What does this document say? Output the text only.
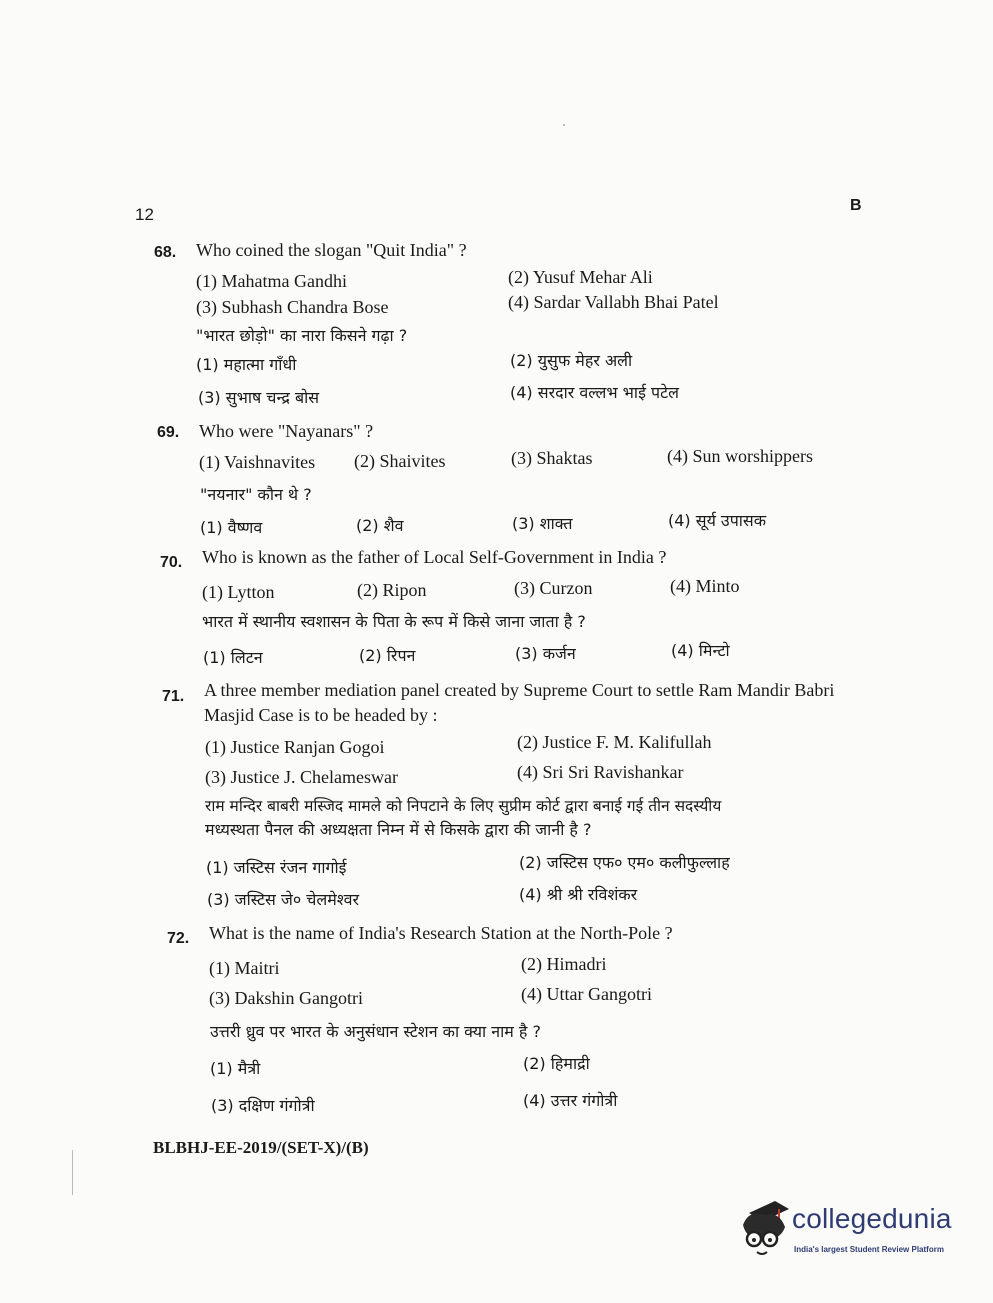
12	B
68. Who coined the slogan "Quit India" ?
(1) Mahatma Gandhi	(2) Yusuf Mehar Ali
(3) Subhash Chandra Bose	(4) Sardar Vallabh Bhai Patel
"भारत छोड़ो" का नारा किसने गढ़ा ?
(1) महात्मा गाँधी	(2) युसुफ मेहर अली
(3) सुभाष चन्द्र बोस	(4) सरदार वल्लभ भाई पटेल
69. Who were "Nayanars" ?
(1) Vaishnavites (2) Shaivites	(3) Shaktas	(4) Sun worshippers
"नयनार" कौन थे ?
(1) वैष्णव	(2) शैव	(3) शाक्त	(4) सूर्य उपासक
70. Who is known as the father of Local Self-Government in India ?
(1) Lytton	(2) Ripon	(3) Curzon	(4) Minto
भारत में स्थानीय स्वशासन के पिता के रूप में किसे जाना जाता है ?
(1) लिटन	(2) रिपन	(3) कर्जन	(4) मिन्टो
71. A three member mediation panel created by Supreme Court to settle Ram Mandir Babri
Masjid Case is to be headed by :
(1) Justice Ranjan Gogoi	(2) Justice F. M. Kalifullah
(3) Justice J. Chelameswar	(4) Sri Sri Ravishankar
राम मन्दिर बाबरी मस्जिद मामले को निपटाने के लिए सुप्रीम कोर्ट द्वारा बनाई गई तीन सदस्यीय
मध्यस्थता पैनल की अध्यक्षता निम्न में से किसके द्वारा की जानी है ?
(1) जस्टिस रंजन गागोई	(2) जस्टिस एफ० एम० कलीफुल्लाह
(3) जस्टिस जे० चेलमेश्वर	(4) श्री श्री रविशंकर
72. What is the name of India's Research Station at the North-Pole ?
(1) Maitri	(2) Himadri
(3) Dakshin Gangotri	(4) Uttar Gangotri
उत्तरी ध्रुव पर भारत के अनुसंधान स्टेशन का क्या नाम है ?
(1) मैत्री	(2) हिमाद्री
(3) दक्षिण गंगोत्री	(4) उत्तर गंगोत्री
BLBHJ-EE-2019/(SET-X)/(B)
collegedunia
India's largest Student Review Platform
